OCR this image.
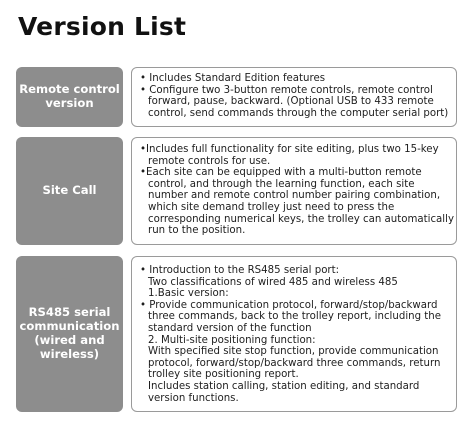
Version List
Remote control
version
• Includes Standard Edition features
• Configure two 3-button remote controls, remote control
forward, pause, backward. (Optional USB to 433 remote
control, send commands through the computer serial port)
Site Call
•Includes full functionality for site editing, plus two 15-key
remote controls for use.
•Each site can be equipped with a multi-button remote
control, and through the learning function, each site
number and remote control number pairing combination,
which site demand trolley just need to press the
corresponding numerical keys, the trolley can automatically
run to the position.
RS485 serial
communication
(wired and
wireless)
• Introduction to the RS485 serial port:
Two classifications of wired 485 and wireless 485
1.Basic version:
• Provide communication protocol, forward/stop/backward
three commands, back to the trolley report, including the
standard version of the function
2. Multi-site positioning function:
With specified site stop function, provide communication
protocol, forward/stop/backward three commands, return
trolley site positioning report.
Includes station calling, station editing, and standard
version functions.
